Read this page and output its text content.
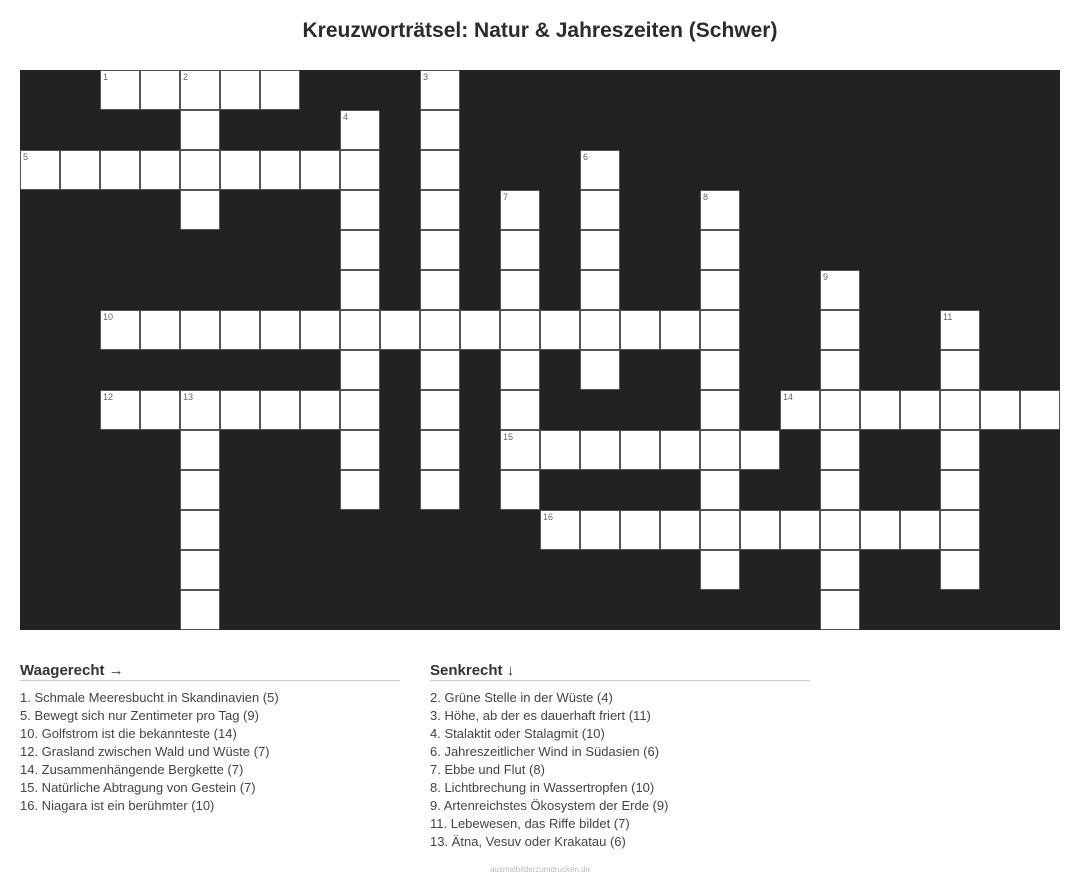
Kreuzworträtsel: Natur & Jahreszeiten (Schwer)
1	2	3
4
5	6
7	8
9
10	11
12	13	14
15
16
Waagerecht →
1. Schmale Meeresbucht in Skandinavien (5)
5. Bewegt sich nur Zentimeter pro Tag (9)
10. Golfstrom ist die bekannteste (14)
12. Grasland zwischen Wald und Wüste (7)
14. Zusammenhängende Bergkette (7)
15. Natürliche Abtragung von Gestein (7)
16. Niagara ist ein berühmter (10)
Senkrecht ↓
2. Grüne Stelle in der Wüste (4)
3. Höhe, ab der es dauerhaft friert (11)
4. Stalaktit oder Stalagmit (10)
6. Jahreszeitlicher Wind in Südasien (6)
7. Ebbe und Flut (8)
8. Lichtbrechung in Wassertropfen (10)
9. Artenreichstes Ökosystem der Erde (9)
11. Lebewesen, das Riffe bildet (7)
13. Ätna, Vesuv oder Krakatau (6)
ausmalbilderzumdrucken.de
